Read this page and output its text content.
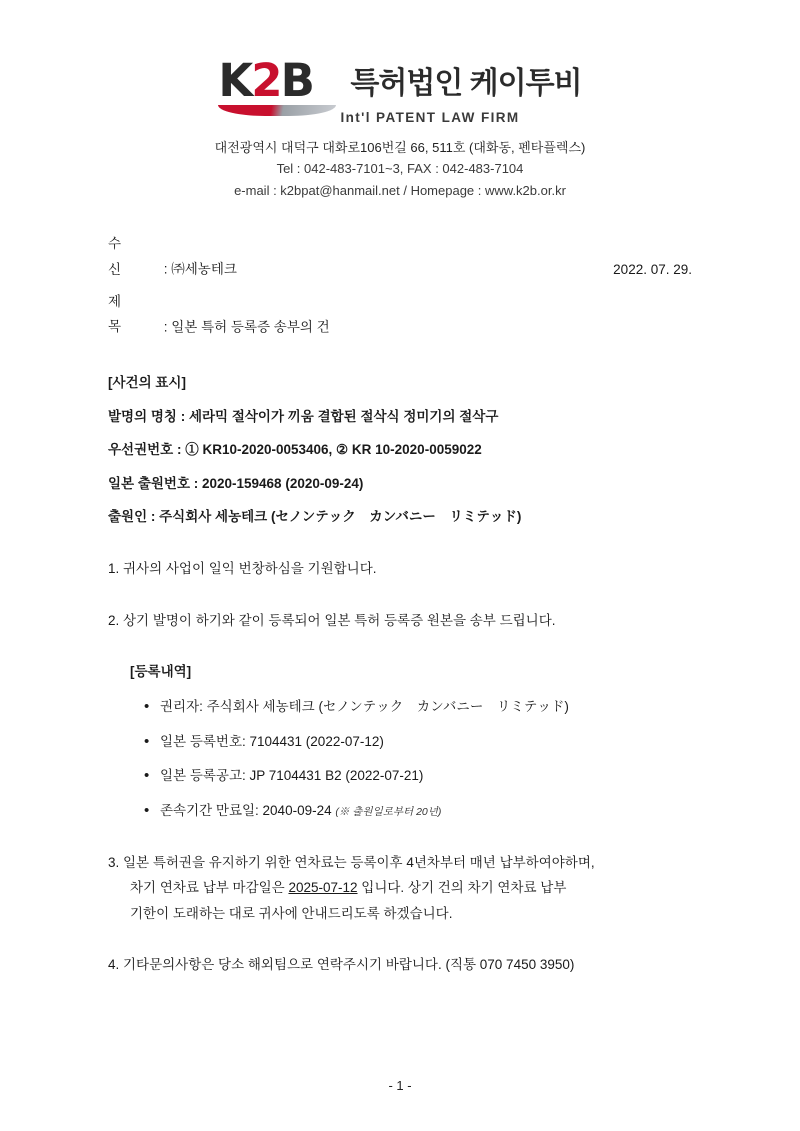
K2B	특허법인 케이투비
Int'l PATENT LAW FIRM
대전광역시 대덕구 대화로106번길 66, 511호 (대화동, 펜타플렉스)
Tel : 042-483-7101~3, FAX : 042-483-7104
e-mail : k2bpat@hanmail.net / Homepage : www.k2b.or.kr
수 신 : ㈜세농테크	2022. 07. 29.
제 목 : 일본 특허 등록증 송부의 건
[사건의 표시]
발명의 명칭 : 세라믹 절삭이가 끼움 결합된 절삭식 정미기의 절삭구
우선권번호 : ① KR10-2020-0053406, ② KR 10-2020-0059022
일본 출원번호 : 2020-159468 (2020-09-24)
출원인 : 주식회사 세농테크 (セノンテック　カンバニー　リミテッド)
1. 귀사의 사업이 일익 번창하심을 기원합니다.
2. 상기 발명이 하기와 같이 등록되어 일본 특허 등록증 원본을 송부 드립니다.
[등록내역]
• 권리자: 주식회사 세농테크 (セノンテック　カンバニー　リミテッド)
• 일본 등록번호: 7104431 (2022-07-12)
• 일본 등록공고: JP 7104431 B2 (2022-07-21)
• 존속기간 만료일: 2040-09-24 (※ 출원일로부터 20년)
3. 일본 특허권을 유지하기 위한 연차료는 등록이후 4년차부터 매년 납부하여야하며,
차기 연차료 납부 마감일은 2025-07-12 입니다. 상기 건의 차기 연차료 납부
기한이 도래하는 대로 귀사에 안내드리도록 하겠습니다.
4. 기타문의사항은 당소 해외팀으로 연락주시기 바랍니다. (직통 070 7450 3950)
- 1 -
